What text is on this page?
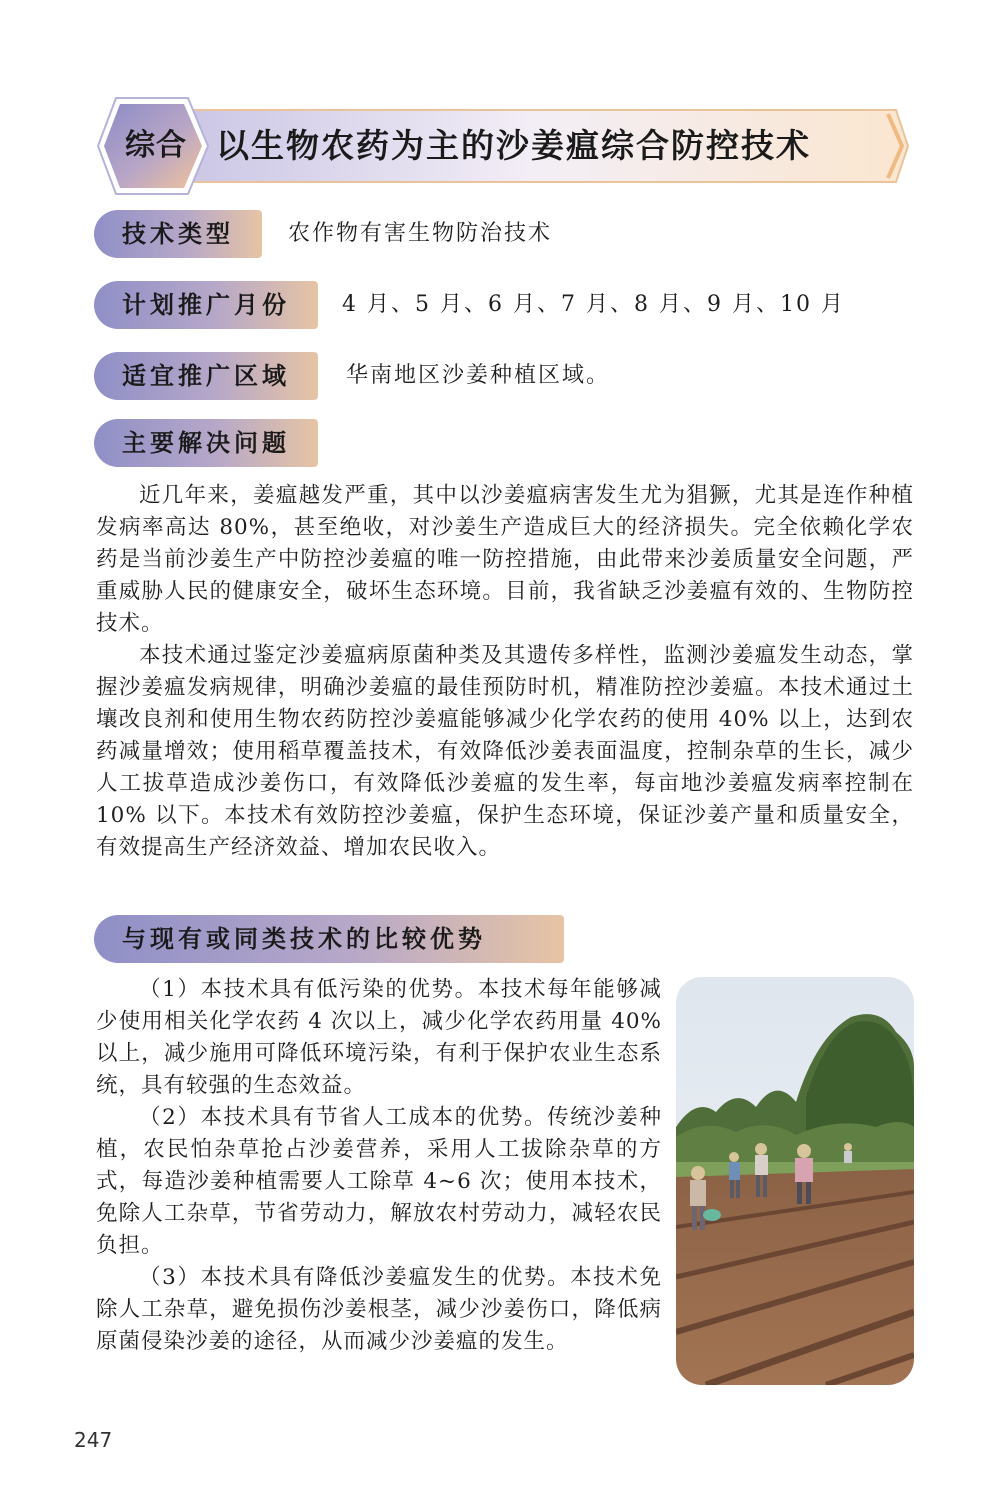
综合 以生物农药为主的沙姜瘟综合防控技术
技术类型	农作物有害生物防治技术
计划推广月份	4 月、5 月、6 月、7 月、8 月、9 月、10 月
适宜推广区域	华南地区沙姜种植区域。
主要解决问题

近几年来，姜瘟越发严重，其中以沙姜瘟病害发生尤为猖獗，尤其是连作种植发病率高达 80%，甚至绝收，对沙姜生产造成巨大的经济损失。完全依赖化学农药是当前沙姜生产中防控沙姜瘟的唯一防控措施，由此带来沙姜质量安全问题，严重威胁人民的健康安全，破坏生态环境。目前，我省缺乏沙姜瘟有效的、生物防控技术。

本技术通过鉴定沙姜瘟病原菌种类及其遗传多样性，监测沙姜瘟发生动态，掌握沙姜瘟发病规律，明确沙姜瘟的最佳预防时机，精准防控沙姜瘟。本技术通过土壤改良剂和使用生物农药防控沙姜瘟能够减少化学农药的使用 40% 以上，达到农药减量增效；使用稻草覆盖技术，有效降低沙姜表面温度，控制杂草的生长，减少人工拔草造成沙姜伤口，有效降低沙姜瘟的发生率，每亩地沙姜瘟发病率控制在 10% 以下。本技术有效防控沙姜瘟，保护生态环境，保证沙姜产量和质量安全，有效提高生产经济效益、增加农民收入。

与现有或同类技术的比较优势

（1）本技术具有低污染的优势。本技术每年能够减少使用相关化学农药 4 次以上，减少化学农药用量 40% 以上，减少施用可降低环境污染，有利于保护农业生态系统，具有较强的生态效益。

（2）本技术具有节省人工成本的优势。传统沙姜种植，农民怕杂草抢占沙姜营养，采用人工拔除杂草的方式，每造沙姜种植需要人工除草 4~6 次；使用本技术，免除人工杂草，节省劳动力，解放农村劳动力，减轻农民负担。

（3）本技术具有降低沙姜瘟发生的优势。本技术免除人工杂草，避免损伤沙姜根茎，减少沙姜伤口，降低病原菌侵染沙姜的途径，从而减少沙姜瘟的发生。

247
